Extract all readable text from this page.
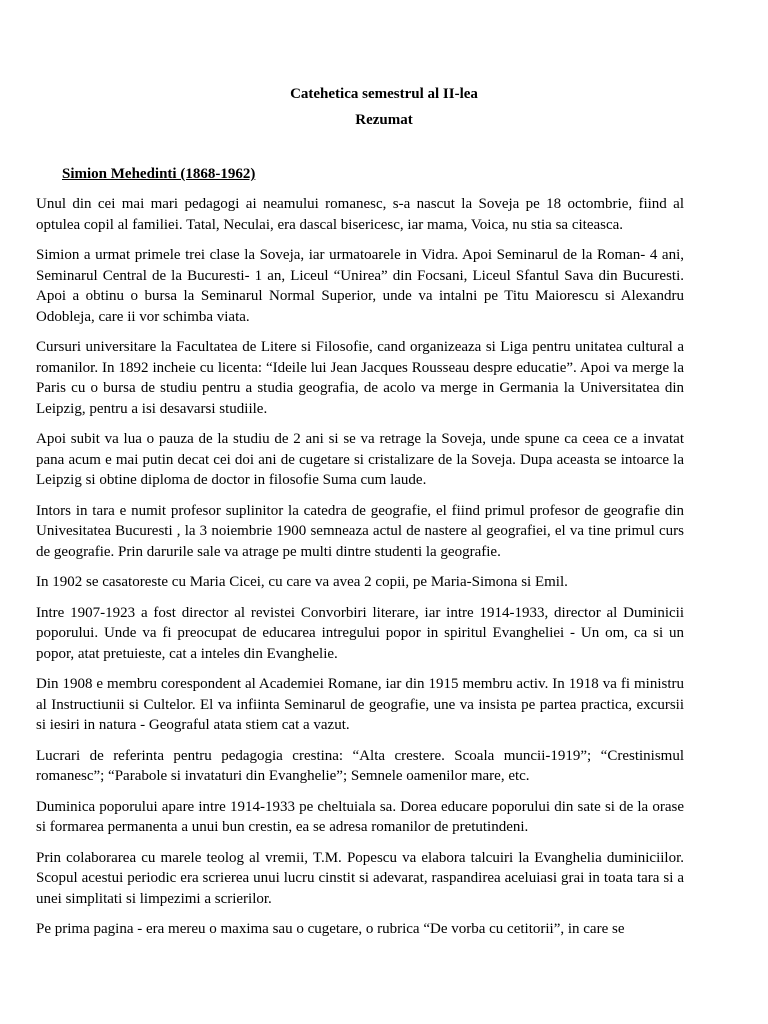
Catehetica semestrul al II-lea

Rezumat

Simion Mehedinti (1868-1962)

Unul din cei mai mari pedagogi ai neamului romanesc, s-a nascut la Soveja pe 18 octombrie, fiind al optulea copil al familiei. Tatal, Neculai, era dascal bisericesc, iar mama, Voica, nu stia sa citeasca.

Simion a urmat primele trei clase la Soveja, iar urmatoarele in Vidra. Apoi Seminarul de la Roman- 4 ani, Seminarul Central de la Bucuresti- 1 an, Liceul “Unirea” din Focsani, Liceul Sfantul Sava din Bucuresti. Apoi a obtinu o bursa la Seminarul Normal Superior, unde va intalni pe Titu Maiorescu si Alexandru Odobleja, care ii vor schimba viata.

Cursuri universitare la Facultatea de Litere si Filosofie, cand organizeaza si Liga pentru unitatea cultural a romanilor. In 1892 incheie cu licenta: “Ideile lui Jean Jacques Rousseau despre educatie”. Apoi va merge la Paris cu o bursa de studiu pentru a studia geografia, de acolo va merge in Germania la Universitatea din Leipzig, pentru a isi desavarsi studiile.

Apoi subit va lua o pauza de la studiu de 2 ani si se va retrage la Soveja, unde spune ca ceea ce a invatat pana acum e mai putin decat cei doi ani de cugetare si cristalizare de la Soveja. Dupa aceasta se intoarce la Leipzig si obtine diploma de doctor in filosofie Suma cum laude.

Intors in tara e numit profesor suplinitor la catedra de geografie, el fiind primul profesor de geografie din Univesitatea Bucuresti , la 3 noiembrie 1900 semneaza actul de nastere al geografiei, el va tine primul curs de geografie. Prin darurile sale va atrage pe multi dintre studenti la geografie.

In 1902 se casatoreste cu Maria Cicei, cu care va avea 2 copii, pe Maria-Simona si Emil.

Intre 1907-1923 a fost director al revistei Convorbiri literare, iar intre 1914-1933, director al Duminicii poporului. Unde va fi preocupat de educarea intregului popor in spiritul Evangheliei - Un om, ca si un popor, atat pretuieste, cat a inteles din Evanghelie.

Din 1908 e membru corespondent al Academiei Romane, iar din 1915 membru activ. In 1918 va fi ministru al Instructiunii si Cultelor. El va infiinta Seminarul de geografie, une va insista pe partea practica, excursii si iesiri in natura - Geograful atata stiem cat a vazut.

Lucrari de referinta pentru pedagogia crestina: “Alta crestere. Scoala muncii-1919”; “Crestinismul romanesc”; “Parabole si invataturi din Evanghelie”; Semnele oamenilor mare, etc.

Duminica poporului apare intre 1914-1933 pe cheltuiala sa. Dorea educare poporului din sate si de la orase si formarea permanenta a unui bun crestin, ea se adresa romanilor de pretutindeni.

Prin colaborarea cu marele teolog al vremii, T.M. Popescu va elabora talcuiri la Evanghelia duminiciilor. Scopul acestui periodic era scrierea unui lucru cinstit si adevarat, raspandirea aceluiasi grai in toata tara si a unei simplitati si limpezimi a scrierilor.

Pe prima pagina - era mereu o maxima sau o cugetare, o rubrica “De vorba cu cetitorii”, in care se
